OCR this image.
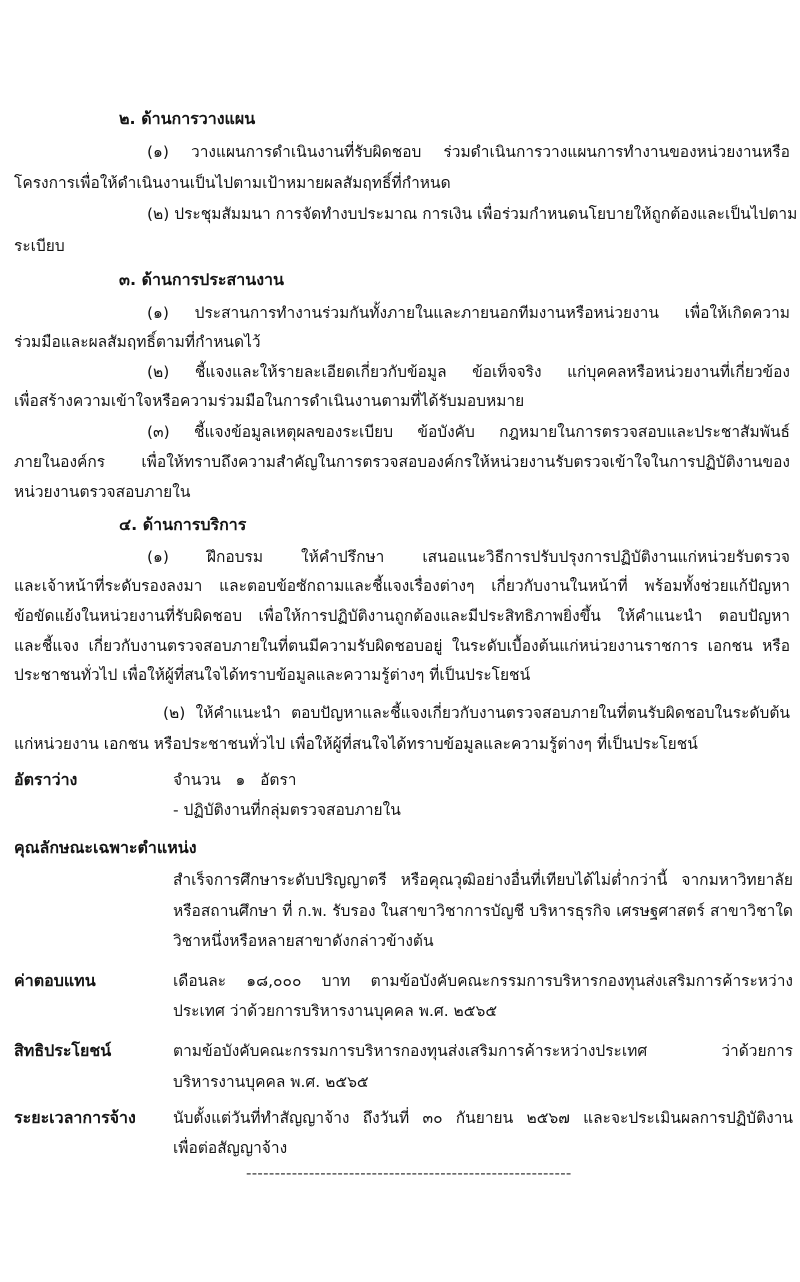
๒. ด้านการวางแผน
(๑) วางแผนการดำเนินงานที่รับผิดชอบ ร่วมดำเนินการวางแผนการทำงานของหน่วยงานหรือ
โครงการเพื่อให้ดำเนินงานเป็นไปตามเป้าหมายผลสัมฤทธิ์ที่กำหนด
(๒) ประชุมสัมมนา การจัดทำงบประมาณ การเงิน เพื่อร่วมกำหนดนโยบายให้ถูกต้องและเป็นไปตาม
ระเบียบ
๓. ด้านการประสานงาน
(๑) ประสานการทำงานร่วมกันทั้งภายในและภายนอกทีมงานหรือหน่วยงาน เพื่อให้เกิดความ
ร่วมมือและผลสัมฤทธิ์ตามที่กำหนดไว้
(๒) ชี้แจงและให้รายละเอียดเกี่ยวกับข้อมูล ข้อเท็จจริง แก่บุคคลหรือหน่วยงานที่เกี่ยวข้อง
เพื่อสร้างความเข้าใจหรือความร่วมมือในการดำเนินงานตามที่ได้รับมอบหมาย
(๓) ชี้แจงข้อมูลเหตุผลของระเบียบ ข้อบังคับ กฎหมายในการตรวจสอบและประชาสัมพันธ์
ภายในองค์กร เพื่อให้ทราบถึงความสำคัญในการตรวจสอบองค์กรให้หน่วยงานรับตรวจเข้าใจในการปฏิบัติงานของ
หน่วยงานตรวจสอบภายใน
๔. ด้านการบริการ
(๑) ฝึกอบรม ให้คำปรึกษา เสนอแนะวิธีการปรับปรุงการปฏิบัติงานแก่หน่วยรับตรวจ
และเจ้าหน้าที่ระดับรองลงมา และตอบข้อซักถามและชี้แจงเรื่องต่างๆ เกี่ยวกับงานในหน้าที่ พร้อมทั้งช่วยแก้ปัญหา
ข้อขัดแย้งในหน่วยงานที่รับผิดชอบ เพื่อให้การปฏิบัติงานถูกต้องและมีประสิทธิภาพยิ่งขึ้น ให้คำแนะนำ ตอบปัญหา
และชี้แจง เกี่ยวกับงานตรวจสอบภายในที่ตนมีความรับผิดชอบอยู่ ในระดับเบื้องต้นแก่หน่วยงานราชการ เอกชน หรือ
ประชาชนทั่วไป เพื่อให้ผู้ที่สนใจได้ทราบข้อมูลและความรู้ต่างๆ ที่เป็นประโยชน์
(๒) ให้คำแนะนำ ตอบปัญหาและชี้แจงเกี่ยวกับงานตรวจสอบภายในที่ตนรับผิดชอบในระดับต้น
แก่หน่วยงาน เอกชน หรือประชาชนทั่วไป เพื่อให้ผู้ที่สนใจได้ทราบข้อมูลและความรู้ต่างๆ ที่เป็นประโยชน์
อัตราว่าง	จำนวน   ๑   อัตรา
- ปฏิบัติงานที่กลุ่มตรวจสอบภายใน
คุณลักษณะเฉพาะตำแหน่ง
สำเร็จการศึกษาระดับปริญญาตรี หรือคุณวุฒิอย่างอื่นที่เทียบได้ไม่ต่ำกว่านี้ จากมหาวิทยาลัย
หรือสถานศึกษา ที่ ก.พ. รับรอง ในสาขาวิชาการบัญชี บริหารธุรกิจ เศรษฐศาสตร์ สาขาวิชาใด
วิชาหนึ่งหรือหลายสาขาดังกล่าวข้างต้น
ค่าตอบแทน	เดือนละ ๑๘,๐๐๐ บาท ตามข้อบังคับคณะกรรมการบริหารกองทุนส่งเสริมการค้าระหว่าง
ประเทศ ว่าด้วยการบริหารงานบุคคล พ.ศ. ๒๕๖๕
สิทธิประโยชน์	ตามข้อบังคับคณะกรรมการบริหารกองทุนส่งเสริมการค้าระหว่างประเทศ ว่าด้วยการ
บริหารงานบุคคล พ.ศ. ๒๕๖๕
ระยะเวลาการจ้าง นับตั้งแต่วันที่ทำสัญญาจ้าง ถึงวันที่ ๓๐ กันยายน ๒๕๖๗ และจะประเมินผลการปฏิบัติงาน
เพื่อต่อสัญญาจ้าง
---------------------------------------------------------
